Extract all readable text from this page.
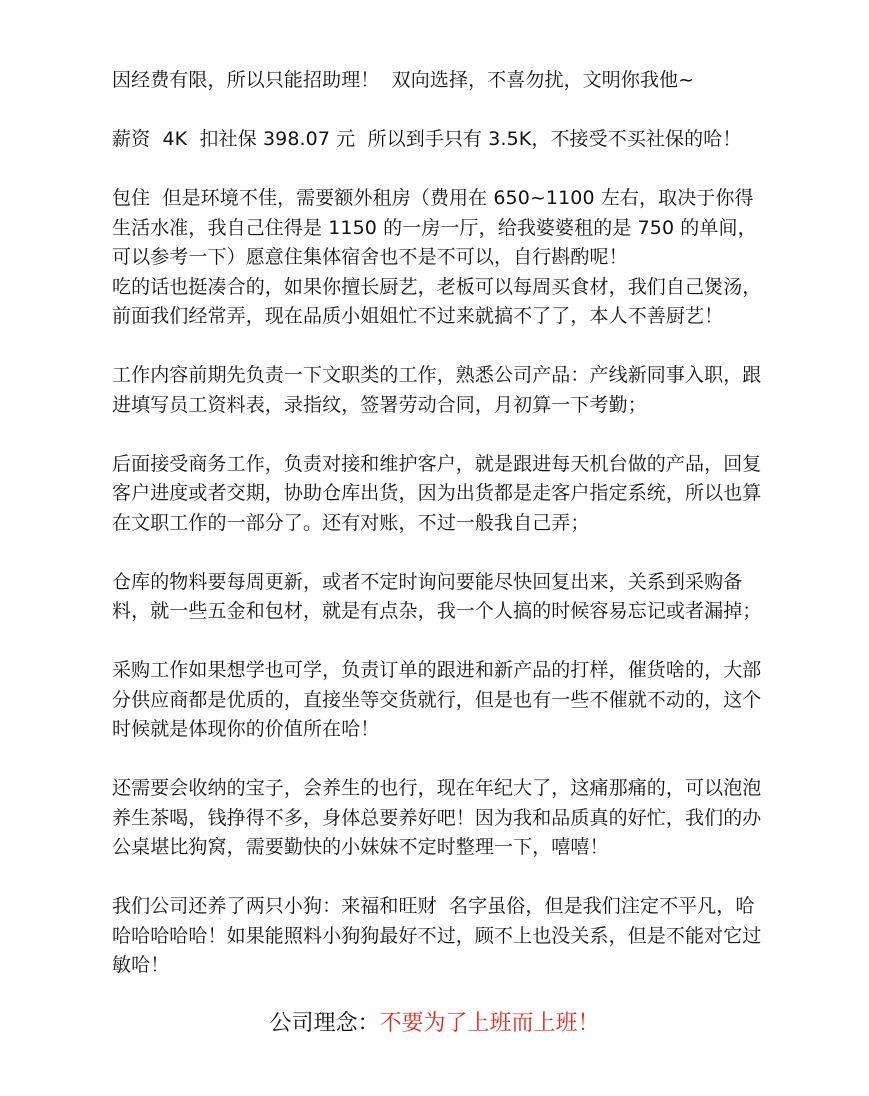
因经费有限，所以只能招助理！  双向选择，不喜勿扰，文明你我他~

薪资  4K  扣社保 398.07 元  所以到手只有 3.5K，不接受不买社保的哈！

包住  但是环境不佳，需要额外租房（费用在 650~1100 左右，取决于你得生活水准，我自己住得是 1150 的一房一厅，给我婆婆租的是 750 的单间，可以参考一下）愿意住集体宿舍也不是不可以，自行斟酌呢！

吃的话也挺凑合的，如果你擅长厨艺，老板可以每周买食材，我们自己煲汤，前面我们经常弄，现在品质小姐姐忙不过来就搞不了了，本人不善厨艺！

工作内容前期先负责一下文职类的工作，熟悉公司产品：产线新同事入职，跟进填写员工资料表，录指纹，签署劳动合同，月初算一下考勤；

后面接受商务工作，负责对接和维护客户，就是跟进每天机台做的产品，回复客户进度或者交期，协助仓库出货，因为出货都是走客户指定系统，所以也算在文职工作的一部分了。还有对账，不过一般我自己弄；

仓库的物料要每周更新，或者不定时询问要能尽快回复出来，关系到采购备料，就一些五金和包材，就是有点杂，我一个人搞的时候容易忘记或者漏掉；

采购工作如果想学也可学，负责订单的跟进和新产品的打样，催货啥的，大部分供应商都是优质的，直接坐等交货就行，但是也有一些不催就不动的，这个时候就是体现你的价值所在哈！

还需要会收纳的宝子，会养生的也行，现在年纪大了，这痛那痛的，可以泡泡养生茶喝，钱挣得不多，身体总要养好吧！因为我和品质真的好忙，我们的办公桌堪比狗窝，需要勤快的小妹妹不定时整理一下，嘻嘻！

我们公司还养了两只小狗：来福和旺财  名字虽俗，但是我们注定不平凡，哈哈哈哈哈哈！如果能照料小狗狗最好不过，顾不上也没关系，但是不能对它过敏哈！

公司理念：不要为了上班而上班！
